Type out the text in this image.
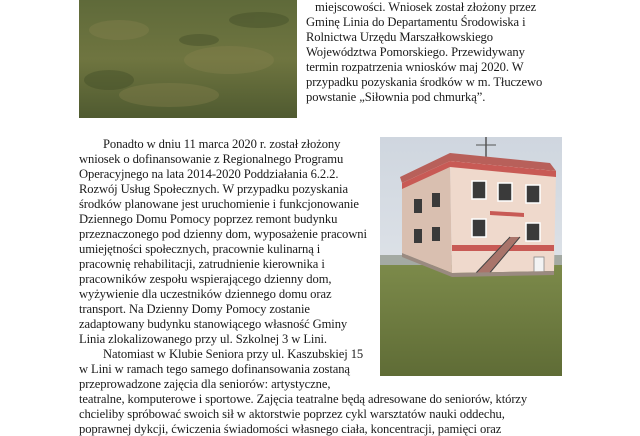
miejscowości. Wniosek został złożony przez
Gminę Linia do Departamentu Środowiska i
Rolnictwa Urzędu Marszałkowskiego
Województwa Pomorskiego. Przewidywany
termin rozpatrzenia wniosków maj 2020. W
przypadku pozyskania środków w m. Tłuczewo
powstanie „Siłownia pod chmurką”.
Ponadto w dniu 11 marca 2020 r. został złożony
wniosek o dofinansowanie z Regionalnego Programu
Operacyjnego na lata 2014-2020 Poddziałania 6.2.2.
Rozwój Usług Społecznych. W przypadku pozyskania
środków planowane jest uruchomienie i funkcjonowanie
Dziennego Domu Pomocy poprzez remont budynku
przeznaczonego pod dzienny dom, wyposażenie pracowni
umiejętności społecznych, pracownie kulinarną i
pracownię rehabilitacji, zatrudnienie kierownika i
pracowników zespołu wspierającego dzienny dom,
wyżywienie dla uczestników dziennego domu oraz
transport. Na Dzienny Domy Pomocy zostanie
zadaptowany budynku stanowiącego własność Gminy
Linia zlokalizowanego przy ul. Szkolnej 3 w Lini.
Natomiast w Klubie Seniora przy ul. Kaszubskiej 15
w Lini w ramach tego samego dofinansowania zostaną
przeprowadzone zajęcia dla seniorów: artystyczne,
teatralne, komputerowe i sportowe. Zajęcia teatralne będą adresowane do seniorów, którzy
chcieliby spróbować swoich sił w aktorstwie poprzez cykl warsztatów nauki oddechu,
poprawnej dykcji, ćwiczenia świadomości własnego ciała, koncentracji, pamięci oraz
